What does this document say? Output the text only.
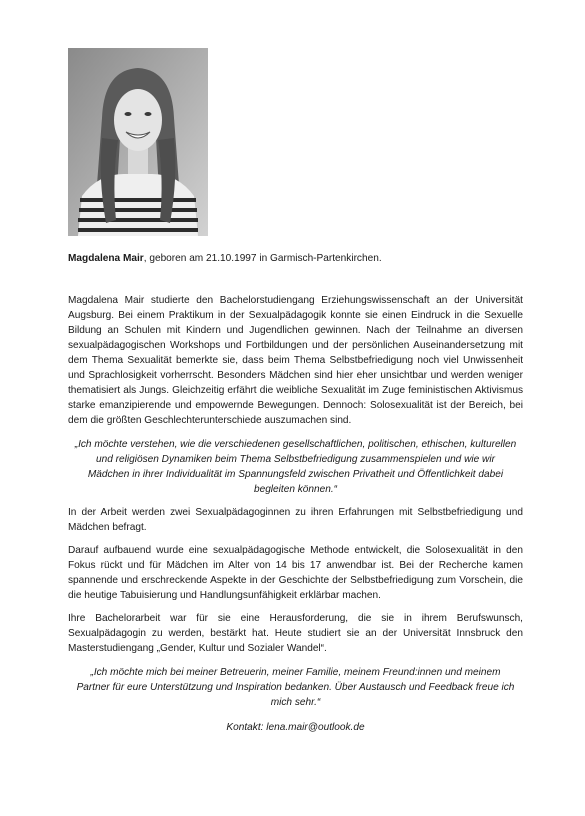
Magdalena Mair, geboren am 21.10.1997 in Garmisch-Partenkirchen.

Magdalena Mair studierte den Bachelorstudiengang Erziehungswissenschaft an der Universität Augsburg. Bei einem Praktikum in der Sexualpädagogik konnte sie einen Eindruck in die Sexuelle Bildung an Schulen mit Kindern und Jugendlichen gewinnen. Nach der Teilnahme an diversen sexualpädagogischen Workshops und Fortbildungen und der persönlichen Auseinandersetzung mit dem Thema Sexualität bemerkte sie, dass beim Thema Selbstbefriedigung noch viel Unwissenheit und Sprachlosigkeit vorherrscht. Besonders Mädchen sind hier eher unsichtbar und werden weniger thematisiert als Jungs. Gleichzeitig erfährt die weibliche Sexualität im Zuge feministischen Aktivismus starke emanzipierende und empowernde Bewegungen. Dennoch: Solosexualität ist der Bereich, bei dem die größten Geschlechterunterschiede auszumachen sind.

„Ich möchte verstehen, wie die verschiedenen gesellschaftlichen, politischen, ethischen, kulturellen und religiösen Dynamiken beim Thema Selbstbefriedigung zusammenspielen und wie wir Mädchen in ihrer Individualität im Spannungsfeld zwischen Privatheit und Öffentlichkeit dabei begleiten können.“

In der Arbeit werden zwei Sexualpädagoginnen zu ihren Erfahrungen mit Selbstbefriedigung und Mädchen befragt.

Darauf aufbauend wurde eine sexualpädagogische Methode entwickelt, die Solosexualität in den Fokus rückt und für Mädchen im Alter von 14 bis 17 anwendbar ist. Bei der Recherche kamen spannende und erschreckende Aspekte in der Geschichte der Selbstbefriedigung zum Vorschein, die die heutige Tabuisierung und Handlungsunfähigkeit erklärbar machen.

Ihre Bachelorarbeit war für sie eine Herausforderung, die sie in ihrem Berufswunsch, Sexualpädagogin zu werden, bestärkt hat. Heute studiert sie an der Universität Innsbruck den Masterstudiengang „Gender, Kultur und Sozialer Wandel“.

„Ich möchte mich bei meiner Betreuerin, meiner Familie, meinem Freund:innen und meinem Partner für eure Unterstützung und Inspiration bedanken. Über Austausch und Feedback freue ich mich sehr.“

Kontakt: lena.mair@outlook.de
